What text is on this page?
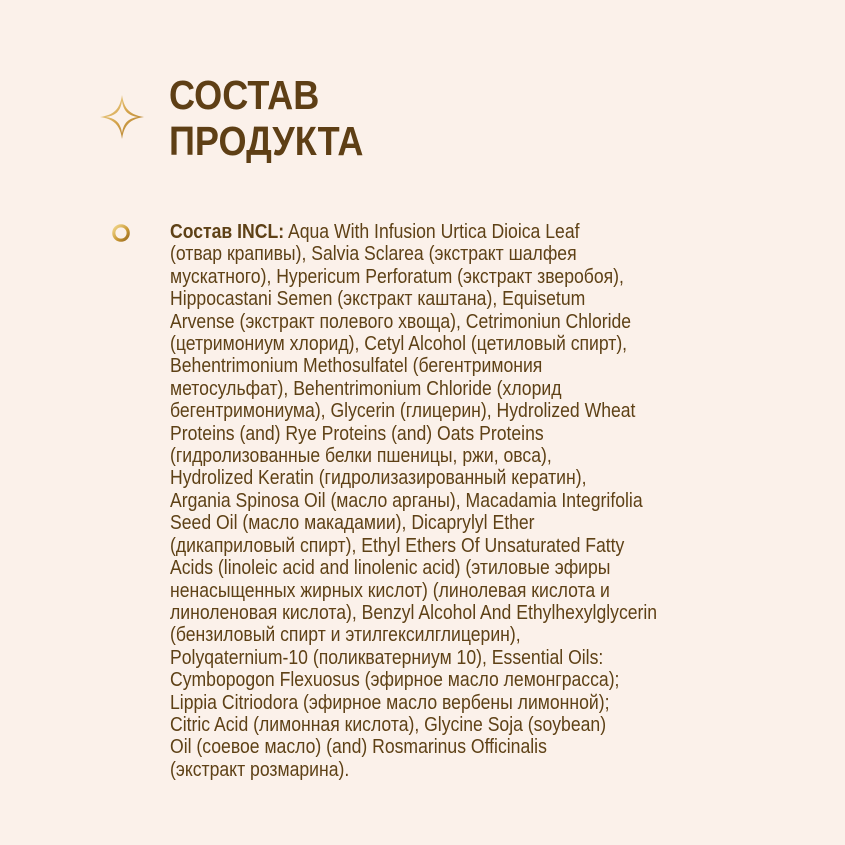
СОСТАВ
ПРОДУКТА

Состав INCL: Aqua With Infusion Urtica Dioica Leaf
(отвар крапивы), Salvia Sclarea (экстракт шалфея
мускатного), Hypericum Perforatum (экстракт зверобоя),
Hippocastani Semen (экстракт каштана), Equisetum
Arvense (экстракт полевого хвоща), Cetrimoniun Chloride
(цетримониум хлорид), Cetyl Alcohol (цетиловый спирт),
Behentrimonium Methosulfatel (бегентримония
метосульфат), Behentrimonium Chloride (хлорид
бегентримониума), Glycerin (глицерин), Hydrolized Wheat
Proteins (and) Rye Proteins (and) Oats Proteins
(гидролизованные белки пшеницы, ржи, овса),
Hydrolized Keratin (гидролизазированный кератин),
Argania Spinosa Oil (масло арганы), Macadamia Integrifolia
Seed Oil (масло макадамии), Dicaprylyl Ether
(дикаприловый спирт), Ethyl Ethers Of Unsaturated Fatty
Acids (linoleic acid and linolenic acid) (этиловые эфиры
ненасыщенных жирных кислот) (линолевая кислота и
линоленовая кислота), Benzyl Alcohol And Ethylhexylglycerin
(бензиловый спирт и этилгексилглицерин),
Polyqaternium-10 (поликватерниум 10), Essential Oils:
Cymbopogon Flexuosus (эфирное масло лемонграсса);
Lippia Citriodora (эфирное масло вербены лимонной);
Citric Acid (лимонная кислота), Glycine Soja (soybean)
Oil (соевое масло) (and) Rosmarinus Officinalis
(экстракт розмарина).
